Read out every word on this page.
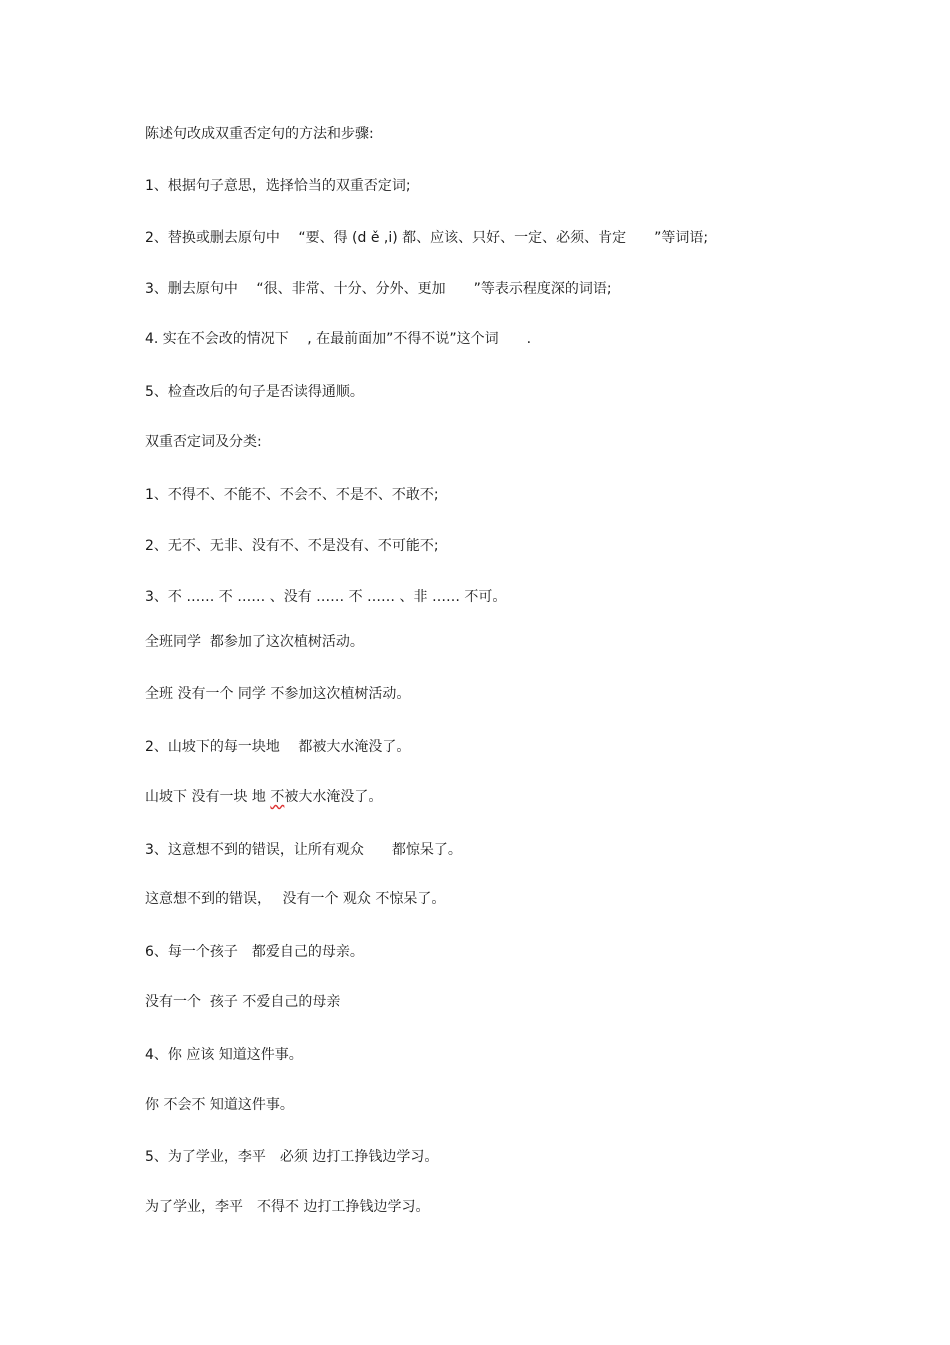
陈述句改成双重否定句的方法和步骤:
1、根据句子意思，选择恰当的双重否定词;
2、替换或删去原句中　 “要、得 (d ě ,i) 都、应该、只好、一定、必须、肯定　　”等词语;
3、删去原句中　 “很、非常、十分、分外、更加　　”等表示程度深的词语;
4. 实在不会改的情况下　 , 在最前面加”不得不说”这个词　　.
5、检查改后的句子是否读得通顺。
双重否定词及分类:
1、不得不、不能不、不会不、不是不、不敢不;
2、无不、无非、没有不、不是没有、不可能不;
3、不 …… 不 …… 、没有 …… 不 …… 、非 …… 不可。
全班同学  都参加了这次植树活动。
全班 没有一个 同学 不参加这次植树活动。
2、山坡下的每一块地　 都被大水淹没了。
山坡下 没有一块 地 不被大水淹没了。
3、这意想不到的错误，让所有观众　　都惊呆了。
这意想不到的错误，　 没有一个 观众 不惊呆了。
6、每一个孩子　都爱自己的母亲。
没有一个  孩子 不爱自己的母亲
4、你 应该 知道这件事。
你 不会不 知道这件事。
5、为了学业，李平　必须 边打工挣钱边学习。
为了学业，李平　不得不 边打工挣钱边学习。
